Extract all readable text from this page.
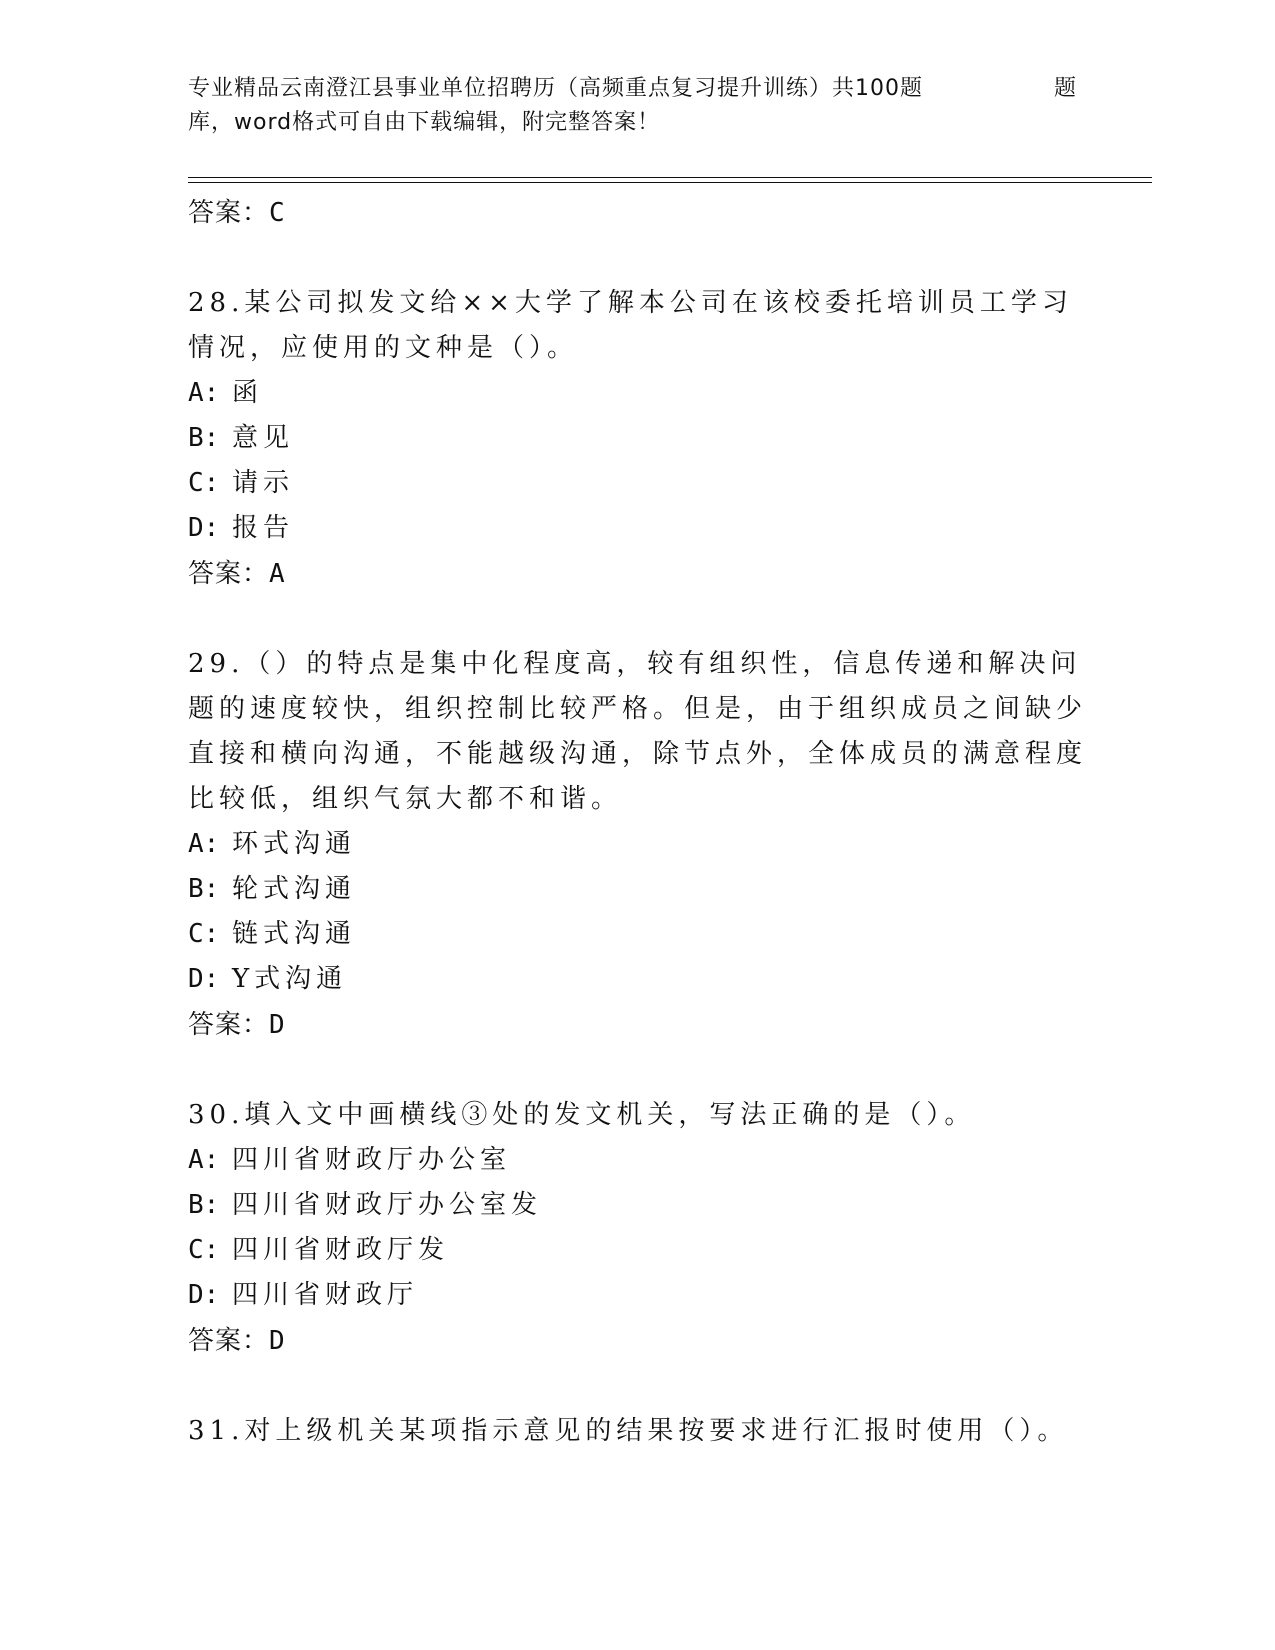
专业精品云南澄江县事业单位招聘历（高频重点复习提升训练）共100题	题
库，word格式可自由下载编辑，附完整答案！
答案：C
28.某公司拟发文给××大学了解本公司在该校委托培训员工学习情况，应使用的文种是（）。
A: 函
B: 意见
C: 请示
D: 报告
答案：A
29.（）的特点是集中化程度高，较有组织性，信息传递和解决问题的速度较快，组织控制比较严格。但是，由于组织成员之间缺少直接和横向沟通，不能越级沟通，除节点外，全体成员的满意程度比较低，组织气氛大都不和谐。
A: 环式沟通
B: 轮式沟通
C: 链式沟通
D: Y式沟通
答案：D
30.填入文中画横线③处的发文机关，写法正确的是（）。
A: 四川省财政厅办公室
B: 四川省财政厅办公室发
C: 四川省财政厅发
D: 四川省财政厅
答案：D
31.对上级机关某项指示意见的结果按要求进行汇报时使用（）。
